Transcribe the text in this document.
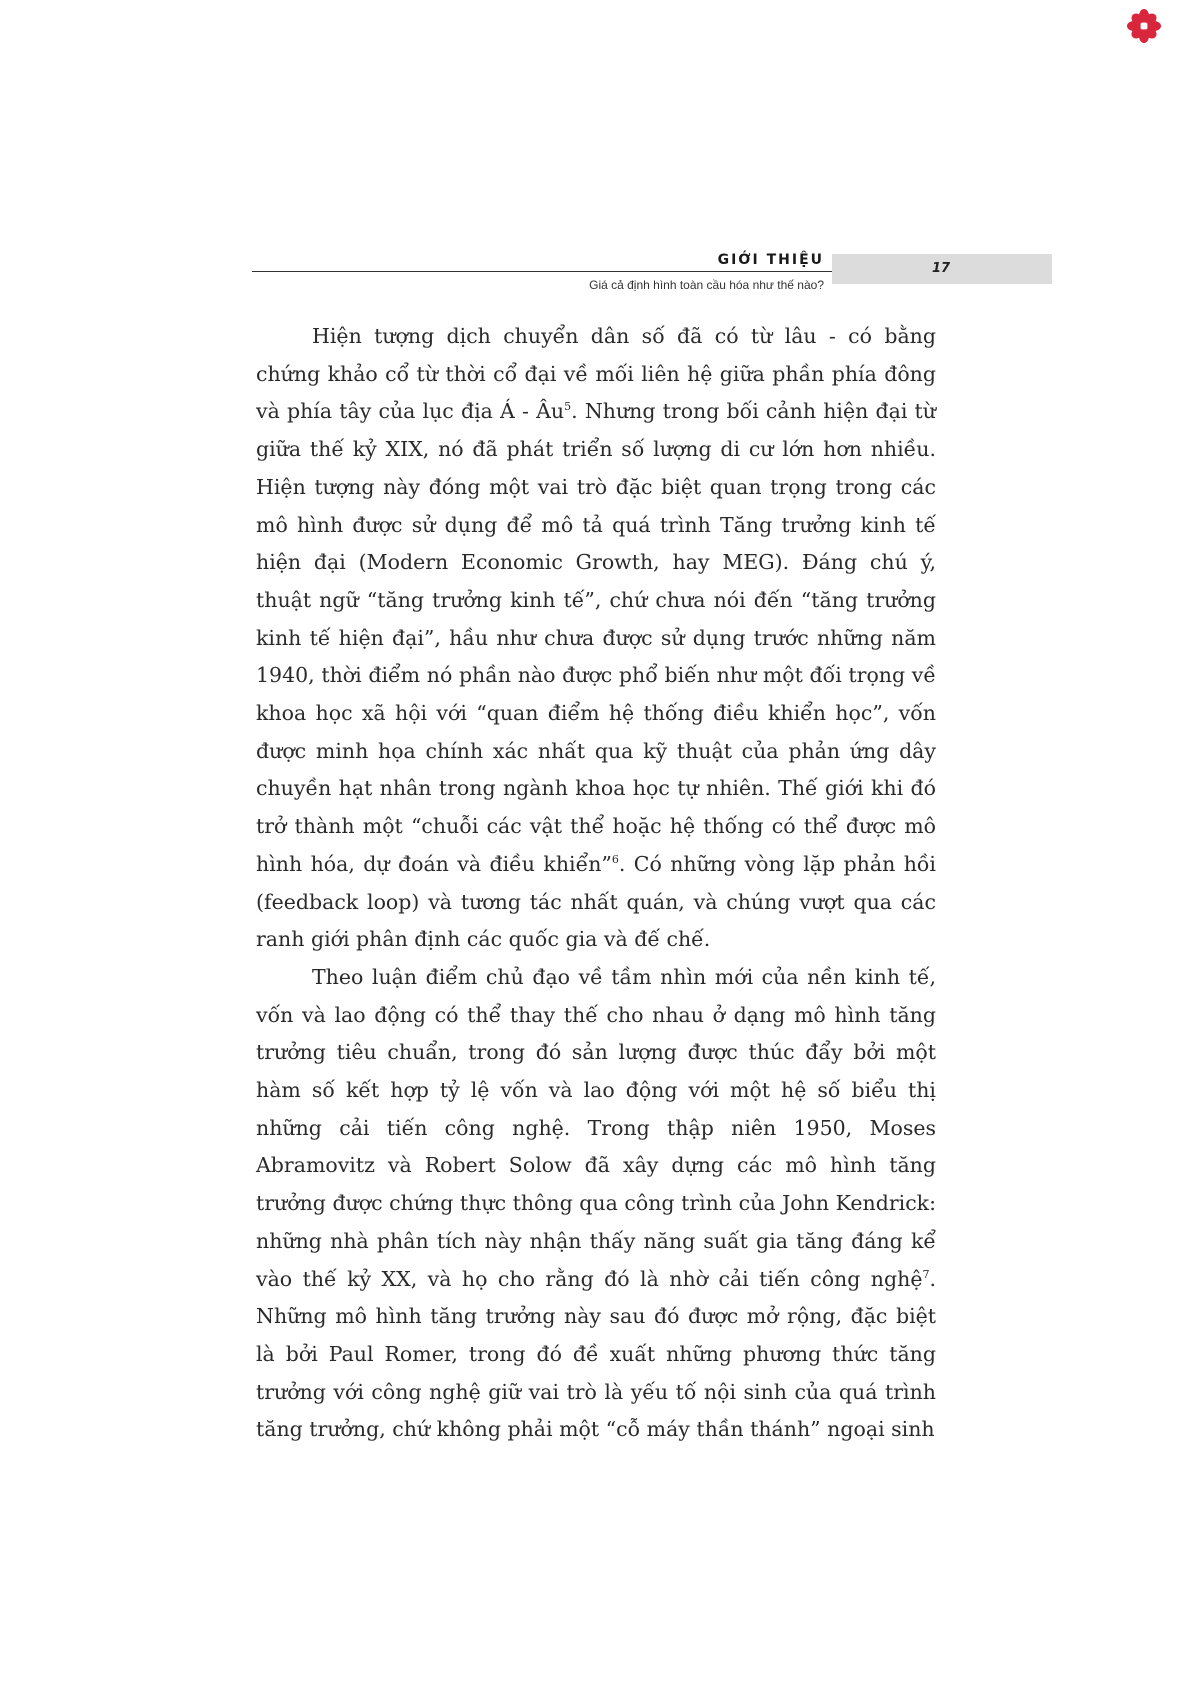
GIỚI THIỆU
Giá cả định hình toàn cầu hóa như thế nào?
17

Hiện tượng dịch chuyển dân số đã có từ lâu - có bằng chứng khảo cổ từ thời cổ đại về mối liên hệ giữa phần phía đông và phía tây của lục địa Á - $Âu^5$. Nhưng trong bối cảnh hiện đại từ giữa thế kỷ XIX, nó đã phát triển số lượng di cư lớn hơn nhiều. Hiện tượng này đóng một vai trò đặc biệt quan trọng trong các mô hình được sử dụng để mô tả quá trình Tăng trưởng kinh tế hiện đại (Modern Economic Growth, hay MEG). Đáng chú ý, thuật ngữ “tăng trưởng kinh tế”, chứ chưa nói đến “tăng trưởng kinh tế hiện đại”, hầu như chưa được sử dụng trước những năm 1940, thời điểm nó phần nào được phổ biến như một đối trọng về khoa học xã hội với “quan điểm hệ thống điều khiển học”, vốn được minh họa chính xác nhất qua kỹ thuật của phản ứng dây chuyền hạt nhân trong ngành khoa học tự nhiên. Thế giới khi đó trở thành một “chuỗi các vật thể hoặc hệ thống có thể được mô hình hóa, dự đoán và điều khiển”$^6$. Có những vòng lặp phản hồi (feedback loop) và tương tác nhất quán, và chúng vượt qua các ranh giới phân định các quốc gia và đế chế.

Theo luận điểm chủ đạo về tầm nhìn mới của nền kinh tế, vốn và lao động có thể thay thế cho nhau ở dạng mô hình tăng trưởng tiêu chuẩn, trong đó sản lượng được thúc đẩy bởi một hàm số kết hợp tỷ lệ vốn và lao động với một hệ số biểu thị những cải tiến công nghệ. Trong thập niên 1950, Moses Abramovitz và Robert Solow đã xây dựng các mô hình tăng trưởng được chứng thực thông qua công trình của John Kendrick: những nhà phân tích này nhận thấy năng suất gia tăng đáng kể vào thế kỷ XX, và họ cho rằng đó là nhờ cải tiến công nghệ$^7$. Những mô hình tăng trưởng này sau đó được mở rộng, đặc biệt là bởi Paul Romer, trong đó đề xuất những phương thức tăng trưởng với công nghệ giữ vai trò là yếu tố nội sinh của quá trình tăng trưởng, chứ không phải một “cỗ máy thần thánh” ngoại sinh
